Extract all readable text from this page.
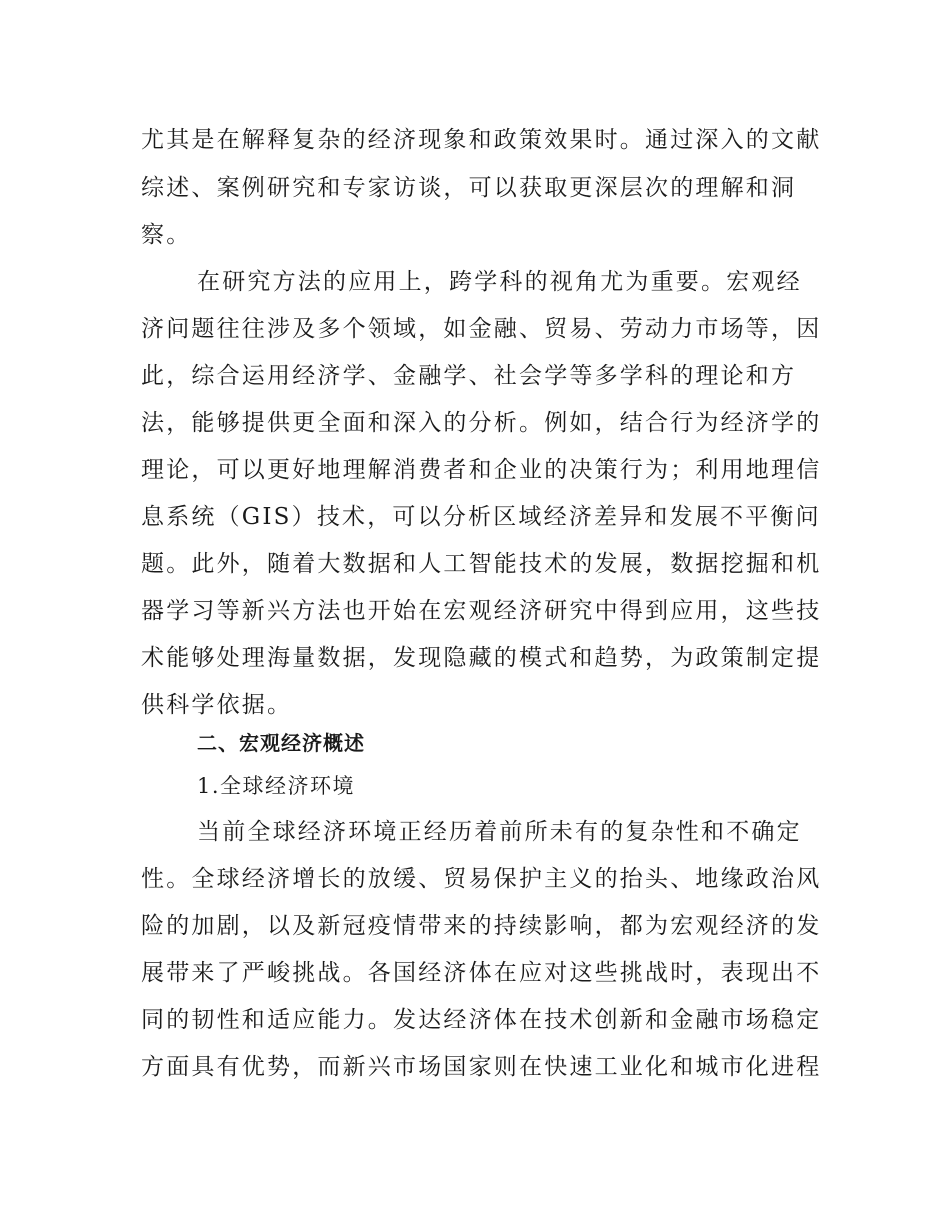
尤其是在解释复杂的经济现象和政策效果时。通过深入的文献
综述、案例研究和专家访谈，可以获取更深层次的理解和洞
察。
在研究方法的应用上，跨学科的视角尤为重要。宏观经
济问题往往涉及多个领域，如金融、贸易、劳动力市场等，因
此，综合运用经济学、金融学、社会学等多学科的理论和方
法，能够提供更全面和深入的分析。例如，结合行为经济学的
理论，可以更好地理解消费者和企业的决策行为；利用地理信
息系统（GIS）技术，可以分析区域经济差异和发展不平衡问
题。此外，随着大数据和人工智能技术的发展，数据挖掘和机
器学习等新兴方法也开始在宏观经济研究中得到应用，这些技
术能够处理海量数据，发现隐藏的模式和趋势，为政策制定提
供科学依据。
二、宏观经济概述
1.全球经济环境
当前全球经济环境正经历着前所未有的复杂性和不确定
性。全球经济增长的放缓、贸易保护主义的抬头、地缘政治风
险的加剧，以及新冠疫情带来的持续影响，都为宏观经济的发
展带来了严峻挑战。各国经济体在应对这些挑战时，表现出不
同的韧性和适应能力。发达经济体在技术创新和金融市场稳定
方面具有优势，而新兴市场国家则在快速工业化和城市化进程
